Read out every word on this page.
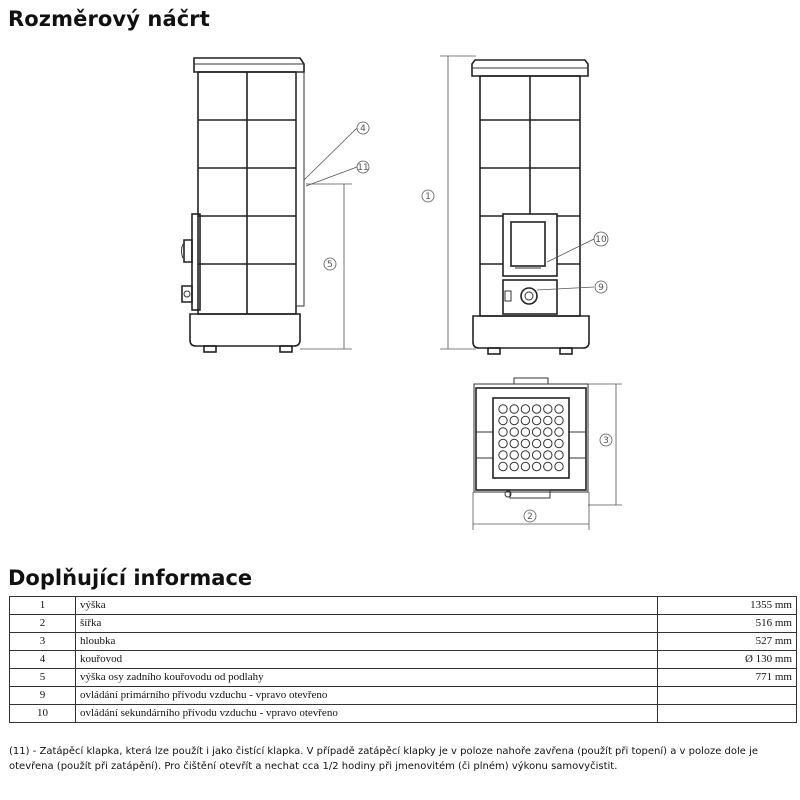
Rozměrový náčrt
4
11
5
1
10
9
3
2
Doplňující informace
1	výška	1355 mm
2	šířka	516 mm
3	hloubka	527 mm
4	kouřovod	Ø 130 mm
5	výška osy zadního kouřovodu od podlahy	771 mm
9	ovládání primárního přívodu vzduchu - vpravo otevřeno	
10	ovládání sekundárního přívodu vzduchu - vpravo otevřeno	
(11) - Zatápěcí klapka, která lze použít i jako čistící klapka. V případě zatápěcí klapky je v poloze nahoře zavřena (použít při topení) a v poloze dole je otevřena (použít při zatápění). Pro čištění otevřít a nechat cca 1/2 hodiny při jmenovitém (či plném) výkonu samovyčistit.
